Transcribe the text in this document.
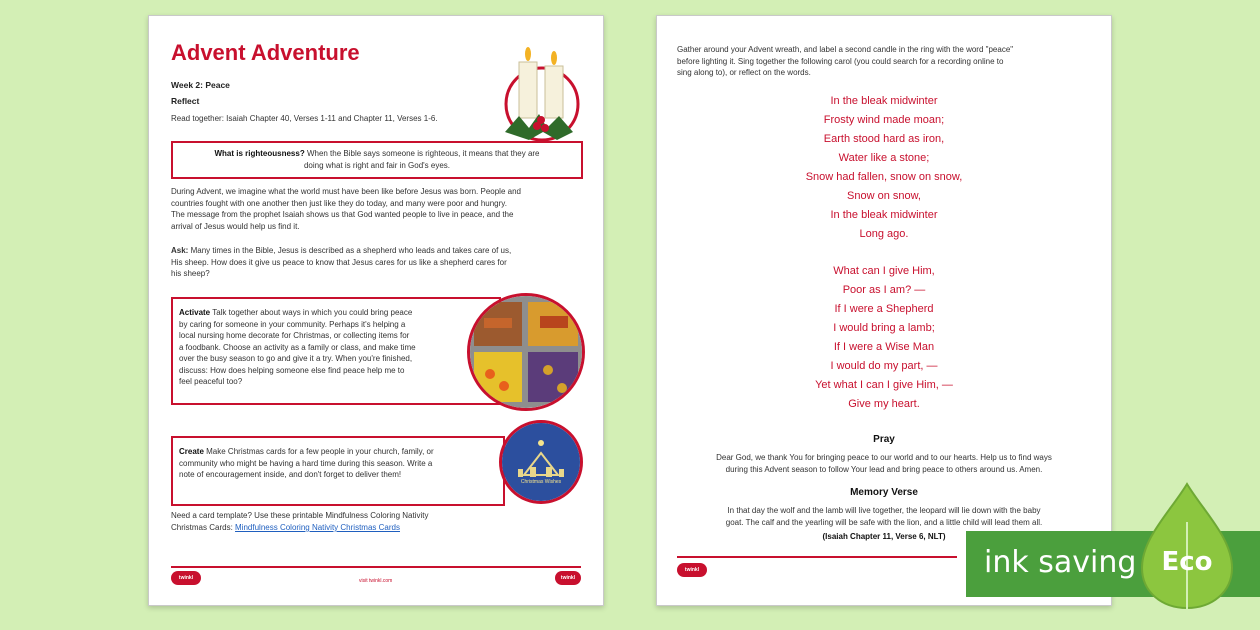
Advent Adventure
Week 2: Peace
Reflect
Read together: Isaiah Chapter 40, Verses 1-11 and Chapter 11, Verses 1-6.
What is righteousness? When the Bible says someone is righteous, it means that they are
doing what is right and fair in God's eyes.
During Advent, we imagine what the world must have been like before Jesus was born. People and
countries fought with one another then just like they do today, and many were poor and hungry.
The message from the prophet Isaiah shows us that God wanted people to live in peace, and the
arrival of Jesus would help us find it.
Ask: Many times in the Bible, Jesus is described as a shepherd who leads and takes care of us,
His sheep. How does it give us peace to know that Jesus cares for us like a shepherd cares for
his sheep?
Activate Talk together about ways in which you could bring peace
by caring for someone in your community. Perhaps it's helping a
local nursing home decorate for Christmas, or collecting items for
a foodbank. Choose an activity as a family or class, and make time
over the busy season to go and give it a try. When you're finished,
discuss: How does helping someone else find peace help me to
feel peaceful too?
Create Make Christmas cards for a few people in your church, family, or
community who might be having a hard time during this season. Write a
note of encouragement inside, and don't forget to deliver them!
Christmas Wishes
Need a card template? Use these printable Mindfulness Coloring Nativity
Christmas Cards: Mindfulness Coloring Nativity Christmas Cards
twinkl	visit twinkl.com	twinkl
Gather around your Advent wreath, and label a second candle in the ring with the word "peace"
before lighting it. Sing together the following carol (you could search for a recording online to
sing along to), or reflect on the words.
In the bleak midwinter
Frosty wind made moan;
Earth stood hard as iron,
Water like a stone;
Snow had fallen, snow on snow,
Snow on snow,
In the bleak midwinter
Long ago.
What can I give Him,
Poor as I am? —
If I were a Shepherd
I would bring a lamb;
If I were a Wise Man
I would do my part, —
Yet what I can I give Him, —
Give my heart.
Pray
Dear God, we thank You for bringing peace to our world and to our hearts. Help us to find ways
during this Advent season to follow Your lead and bring peace to others around us. Amen.
Memory Verse
In that day the wolf and the lamb will live together, the leopard will lie down with the baby
goat. The calf and the yearling will be safe with the lion, and a little child will lead them all.
(Isaiah Chapter 11, Verse 6, NLT)
twinkl	ink saving Eco
